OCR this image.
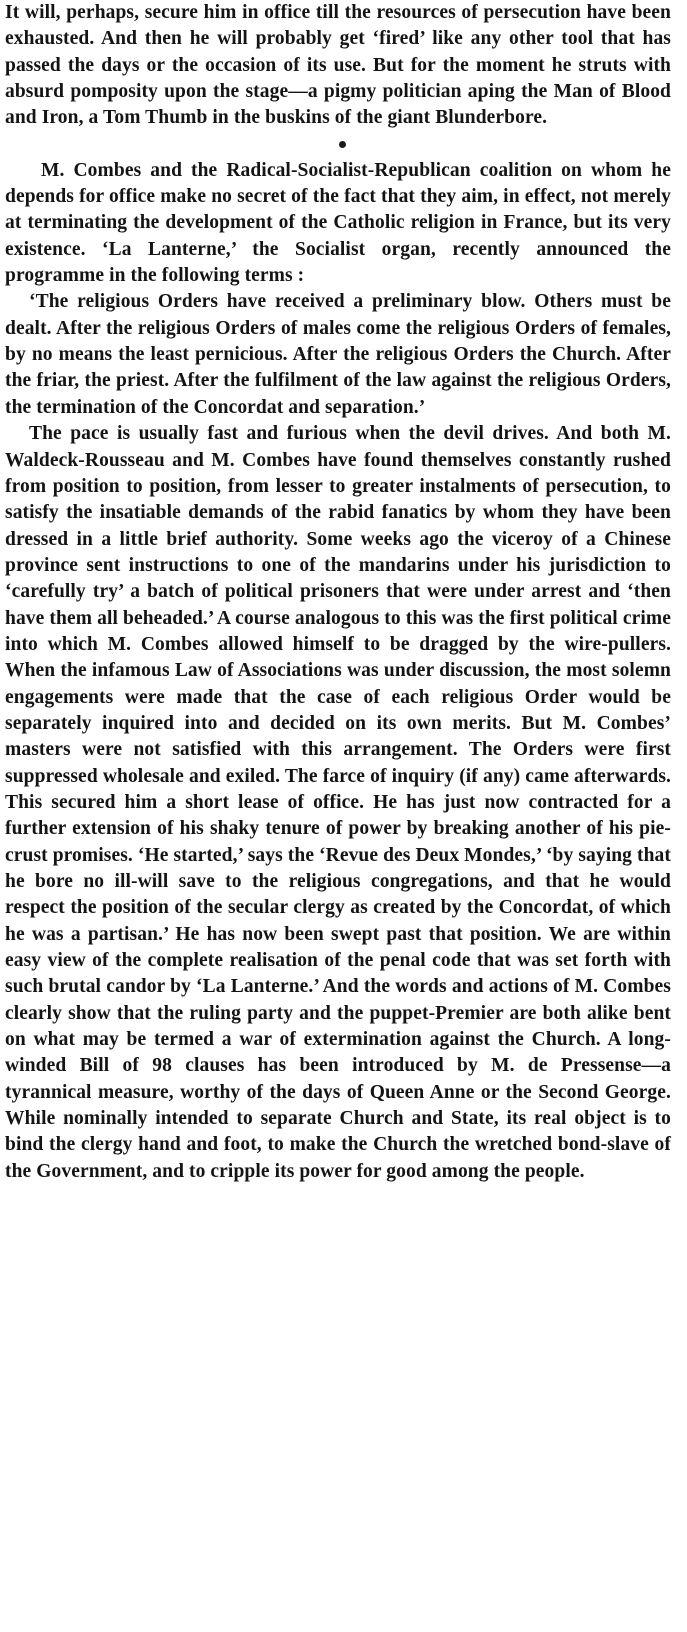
It will, perhaps, secure him in office till the resources of persecution have been exhausted. And then he will probably get ‘fired’ like any other tool that has passed the days or the occasion of its use. But for the moment he struts with absurd pomposity upon the stage—a pigmy politician aping the Man of Blood and Iron, a Tom Thumb in the buskins of the giant Blunderbore.

M. Combes and the Radical-Socialist-Republican coalition on whom he depends for office make no secret of the fact that they aim, in effect, not merely at terminating the development of the Catholic religion in France, but its very existence. ‘La Lanterne,’ the Socialist organ, recently announced the programme in the following terms :

‘The religious Orders have received a preliminary blow. Others must be dealt. After the religious Orders of males come the religious Orders of females, by no means the least pernicious. After the religious Orders the Church. After the friar, the priest. After the fulfilment of the law against the religious Orders, the termination of the Concordat and separation.’

The pace is usually fast and furious when the devil drives. And both M. Waldeck-Rousseau and M. Combes have found themselves constantly rushed from position to position, from lesser to greater instalments of persecution, to satisfy the insatiable demands of the rabid fanatics by whom they have been dressed in a little brief authority. Some weeks ago the viceroy of a Chinese province sent instructions to one of the mandarins under his jurisdiction to ‘carefully try’ a batch of political prisoners that were under arrest and ‘then have them all beheaded.’ A course analogous to this was the first political crime into which M. Combes allowed himself to be dragged by the wire-pullers. When the infamous Law of Associations was under discussion, the most solemn engagements were made that the case of each religious Order would be separately inquired into and decided on its own merits. But M. Combes’ masters were not satisfied with this arrangement. The Orders were first suppressed wholesale and exiled. The farce of inquiry (if any) came afterwards. This secured him a short lease of office. He has just now contracted for a further extension of his shaky tenure of power by breaking another of his pie-crust promises. ‘He started,’ says the ‘Revue des Deux Mondes,’ ‘by saying that he bore no ill-will save to the religious congregations, and that he would respect the position of the secular clergy as created by the Concordat, of which he was a partisan.’ He has now been swept past that position. We are within easy view of the complete realisation of the penal code that was set forth with such brutal candor by ‘La Lanterne.’ And the words and actions of M. Combes clearly show that the ruling party and the puppet-Premier are both alike bent on what may be termed a war of extermination against the Church. A long-winded Bill of 98 clauses has been introduced by M. de Pressense—a tyrannical measure, worthy of the days of Queen Anne or the Second George. While nominally intended to separate Church and State, its real object is to bind the clergy hand and foot, to make the Church the wretched bond-slave of the Government, and to cripple its power for good among the people.
